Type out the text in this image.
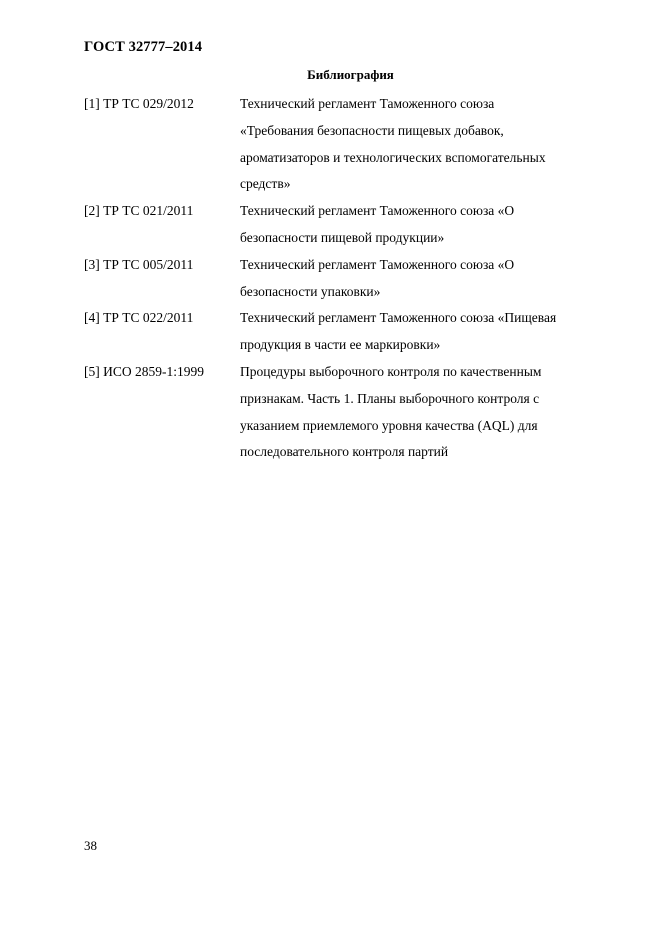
ГОСТ 32777–2014
Библиография
[1] ТР ТС 029/2012	Технический регламент Таможенного союза
«Требования безопасности пищевых добавок,
ароматизаторов и технологических вспомогательных
средств»
[2] ТР ТС 021/2011	Технический регламент Таможенного союза «О
безопасности пищевой продукции»
[3] ТР ТС 005/2011	Технический регламент Таможенного союза «О
безопасности упаковки»
[4] ТР ТС 022/2011	Технический регламент Таможенного союза «Пищевая
продукция в части ее маркировки»
[5] ИСО 2859-1:1999	Процедуры выборочного контроля по качественным
признакам. Часть 1. Планы выборочного контроля с
указанием приемлемого уровня качества (AQL) для
последовательного контроля партий
38
